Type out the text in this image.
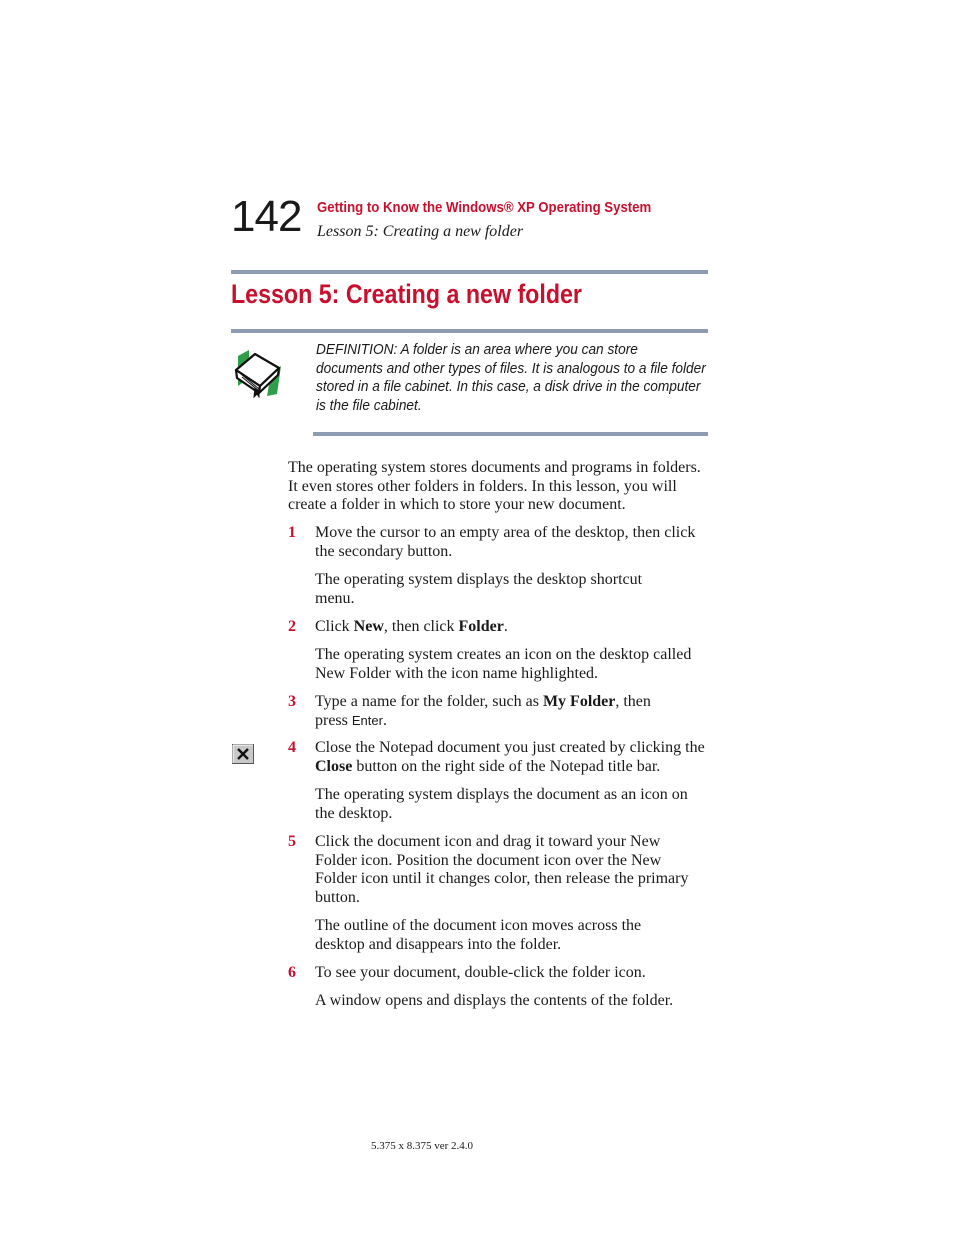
142 Getting to Know the Windows® XP Operating System
Lesson 5: Creating a new folder
Lesson 5: Creating a new folder
DEFINITION: A folder is an area where you can store documents and other types of files. It is analogous to a file folder stored in a file cabinet. In this case, a disk drive in the computer is the file cabinet.
The operating system stores documents and programs in folders. It even stores other folders in folders. In this lesson, you will create a folder in which to store your new document.
1 Move the cursor to an empty area of the desktop, then click the secondary button.
The operating system displays the desktop shortcut menu.
2 Click New, then click Folder.
The operating system creates an icon on the desktop called New Folder with the icon name highlighted.
3 Type a name for the folder, such as My Folder, then press Enter.
4 Close the Notepad document you just created by clicking the Close button on the right side of the Notepad title bar.
The operating system displays the document as an icon on the desktop.
5 Click the document icon and drag it toward your New Folder icon. Position the document icon over the New Folder icon until it changes color, then release the primary button.
The outline of the document icon moves across the desktop and disappears into the folder.
6 To see your document, double-click the folder icon.
A window opens and displays the contents of the folder.
5.375 x 8.375 ver 2.4.0
